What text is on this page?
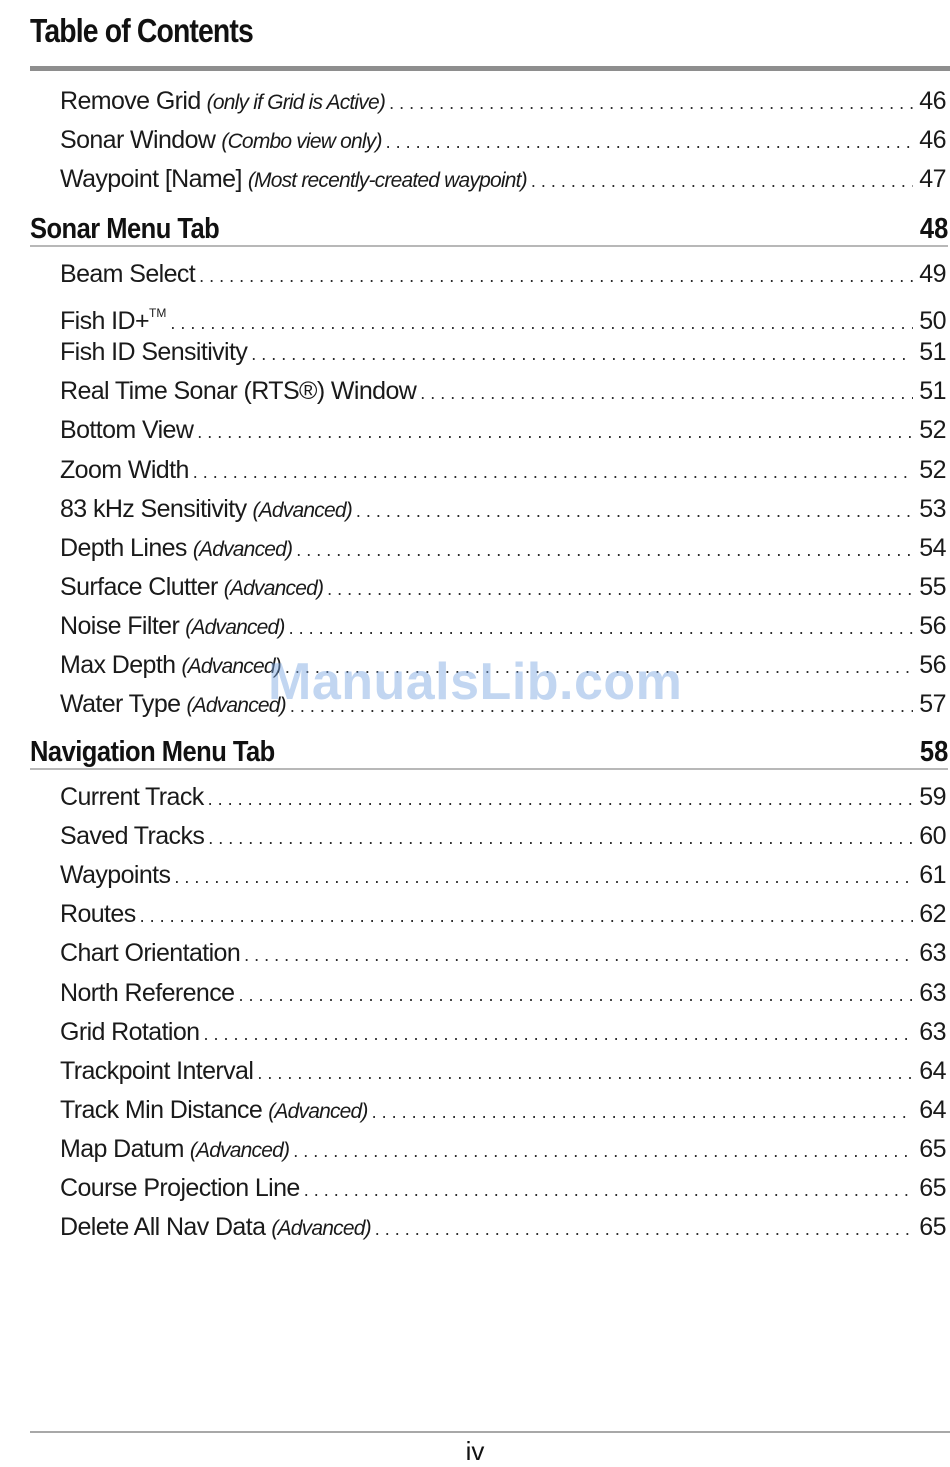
Table of Contents
Remove Grid (only if Grid is Active) . . .	46
Sonar Window (Combo view only) . . .	46
Waypoint [Name] (Most recently-created waypoint) . . .	47
Sonar Menu Tab	48
Beam Select . . .	49
Fish ID+™ . . .	50
Fish ID Sensitivity . . .	51
Real Time Sonar (RTS®) Window . . .	51
Bottom View . . .	52
Zoom Width . . .	52
83 kHz Sensitivity (Advanced) . . .	53
Depth Lines (Advanced) . . .	54
Surface Clutter (Advanced) . . .	55
Noise Filter (Advanced) . . .	56
Max Depth (Advanced) . . .	56
Water Type (Advanced) . . .	57
Navigation Menu Tab	58
Current Track . . .	59
Saved Tracks . . .	60
Waypoints . . .	61
Routes . . .	62
Chart Orientation . . .	63
North Reference . . .	63
Grid Rotation . . .	63
Trackpoint Interval . . .	64
Track Min Distance (Advanced) . . .	64
Map Datum (Advanced) . . .	65
Course Projection Line . . .	65
Delete All Nav Data (Advanced) . . .	65
ManualsLib.com
iv
